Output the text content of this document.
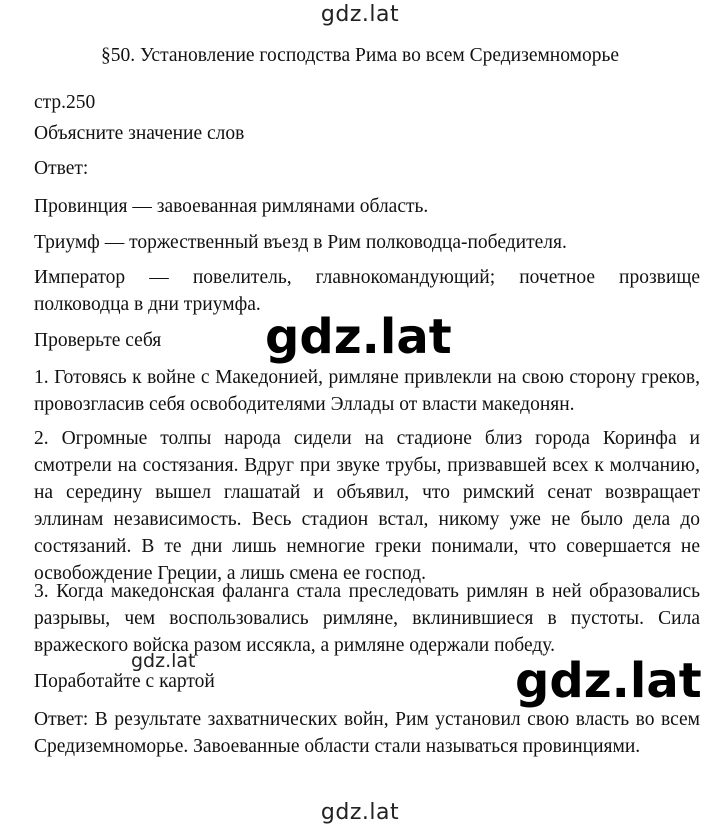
gdz.lat
§50. Установление господства Рима во всем Средиземноморье
стр.250
Объясните значение слов
Ответ:
Провинция — завоеванная римлянами область.
Триумф — торжественный въезд в Рим полководца-победителя.
Император — повелитель, главнокомандующий; почетное прозвище полководца в дни триумфа.
Проверьте себя
1. Готовясь к войне с Македонией, римляне привлекли на свою сторону греков, провозгласив себя освободителями Эллады от власти македонян.
2. Огромные толпы народа сидели на стадионе близ города Коринфа и смотрели на состязания. Вдруг при звуке трубы, призвавшей всех к молчанию, на середину вышел глашатай и объявил, что римский сенат возвращает эллинам независимость. Весь стадион встал, никому уже не было дела до состязаний. В те дни лишь немногие греки понимали, что совершается не освобождение Греции, а лишь смена ее господ.
3. Когда македонская фаланга стала преследовать римлян в ней образовались разрывы, чем воспользовались римляне, вклинившиеся в пустоты. Сила вражеского войска разом иссякла, а римляне одержали победу.
Поработайте с картой
Ответ: В результате захватнических войн, Рим установил свою власть во всем Средиземноморье. Завоеванные области стали называться провинциями.
gdz.lat
gdz.lat
gdz.lat
gdz.lat
